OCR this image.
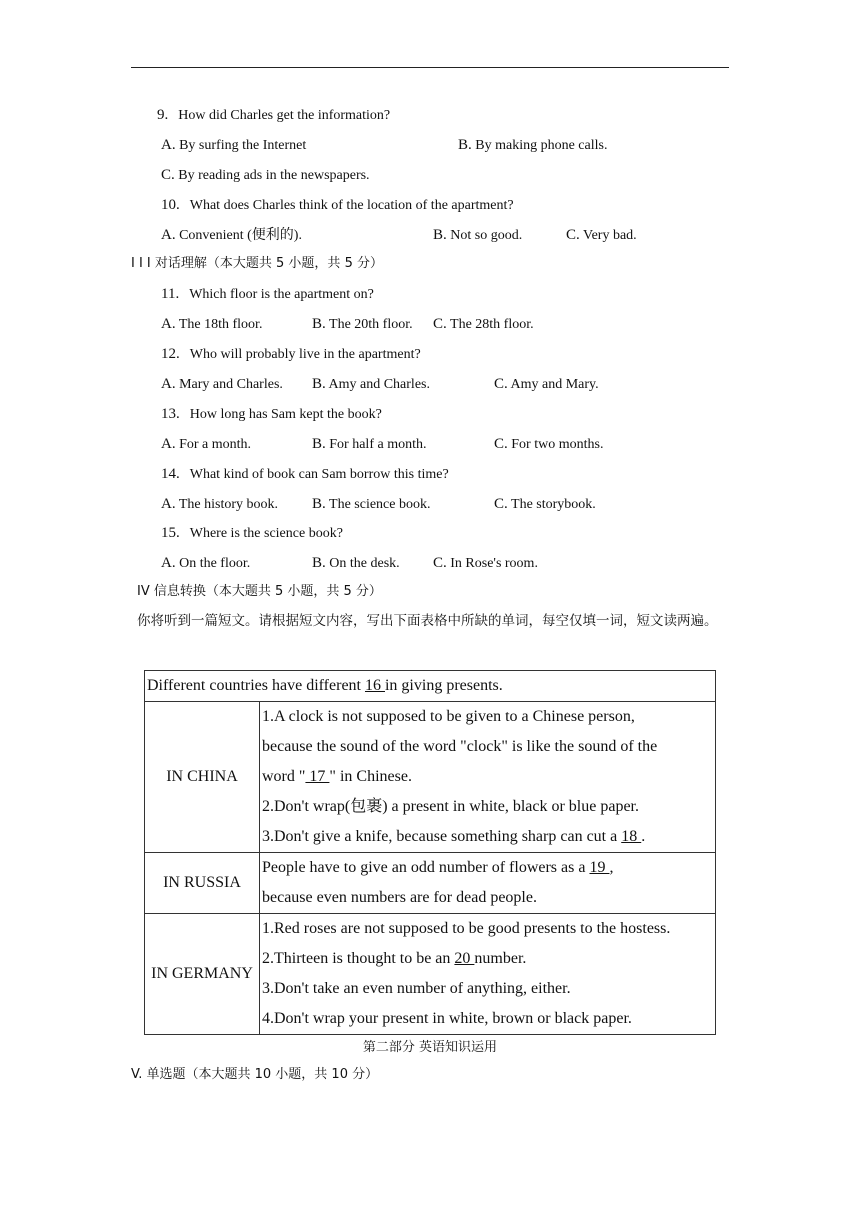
9. How did Charles get the information?
A. By surfing the Internet	B. By making phone calls.
C. By reading ads in the newspapers.
10. What does Charles think of the location of the apartment?
A. Convenient (便利的).	B. Not so good.	C. Very bad.
I I I 对话理解（本大题共 5 小题，共 5 分）
11. Which floor is the apartment on?
A. The 18th floor.	B. The 20th floor. C. The 28th floor.
12. Who will probably live in the apartment?
A. Mary and Charles. B. Amy and Charles.	C. Amy and Mary.
13. How long has Sam kept the book?
A. For a month.	B. For half a month.	C. For two months.
14. What kind of book can Sam borrow this time?
A. The history book. B. The science book.	C. The storybook.
15. Where is the science book?
A. On the floor.	B. On the desk. C. In Rose's room.
IV 信息转换（本大题共 5 小题，共 5 分）
你将听到一篇短文。请根据短文内容，写出下面表格中所缺的单词，每空仅填一词，短文读两遍。
Different countries have different 16 in giving presents.	
IN CHINA	1.A clock is not supposed to be given to a Chinese person,
because the sound of the word "clock" is like the sound of the
word " 17 " in Chinese.
2.Don't wrap(包裹) a present in white, black or blue paper.
3.Don't give a knife, because something sharp can cut a 18 .

IN RUSSIA	People have to give an odd number of flowers as a 19 ,
because even numbers are for dead people.

IN GERMANY	1.Red roses are not supposed to be good presents to the hostess.
2.Thirteen is thought to be an 20 number.
3.Don't take an even number of anything, either.
4.Don't wrap your present in white, brown or black paper.
第二部分 英语知识运用
V. 单选题（本大题共 10 小题，共 10 分）
